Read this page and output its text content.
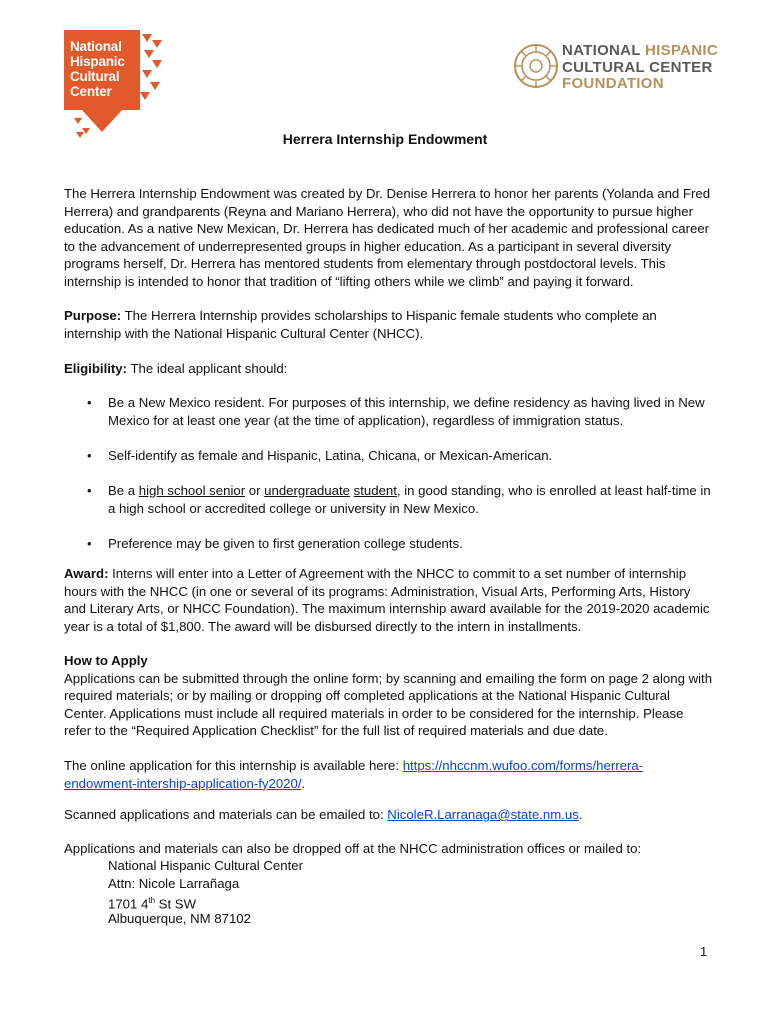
National
Hispanic
Cultural
Center
NATIONAL HISPANIC
CULTURAL CENTER
FOUNDATION
Herrera Internship Endowment

The Herrera Internship Endowment was created by Dr. Denise Herrera to honor her parents (Yolanda and Fred Herrera) and grandparents (Reyna and Mariano Herrera), who did not have the opportunity to pursue higher education. As a native New Mexican, Dr. Herrera has dedicated much of her academic and professional career to the advancement of underrepresented groups in higher education. As a participant in several diversity programs herself, Dr. Herrera has mentored students from elementary through postdoctoral levels. This internship is intended to honor that tradition of “lifting others while we climb” and paying it forward.

Purpose: The Herrera Internship provides scholarships to Hispanic female students who complete an internship with the National Hispanic Cultural Center (NHCC).

Eligibility: The ideal applicant should:

• Be a New Mexico resident. For purposes of this internship, we define residency as having lived in New Mexico for at least one year (at the time of application), regardless of immigration status.
• Self-identify as female and Hispanic, Latina, Chicana, or Mexican-American.
• Be a high school senior or undergraduate student, in good standing, who is enrolled at least half-time in a high school or accredited college or university in New Mexico.
• Preference may be given to first generation college students.

Award: Interns will enter into a Letter of Agreement with the NHCC to commit to a set number of internship hours with the NHCC (in one or several of its programs: Administration, Visual Arts, Performing Arts, History and Literary Arts, or NHCC Foundation). The maximum internship award available for the 2019-2020 academic year is a total of $1,800. The award will be disbursed directly to the intern in installments.

How to Apply
Applications can be submitted through the online form; by scanning and emailing the form on page 2 along with required materials; or by mailing or dropping off completed applications at the National Hispanic Cultural Center. Applications must include all required materials in order to be considered for the internship. Please refer to the “Required Application Checklist” for the full list of required materials and due date.

The online application for this internship is available here: https://nhccnm.wufoo.com/forms/herrera-endowment-intership-application-fy2020/.

Scanned applications and materials can be emailed to: NicoleR.Larranaga@state.nm.us.

Applications and materials can also be dropped off at the NHCC administration offices or mailed to:

National Hispanic Cultural Center
Attn: Nicole Larrañaga
1701 4th St SW
Albuquerque, NM 87102
1
